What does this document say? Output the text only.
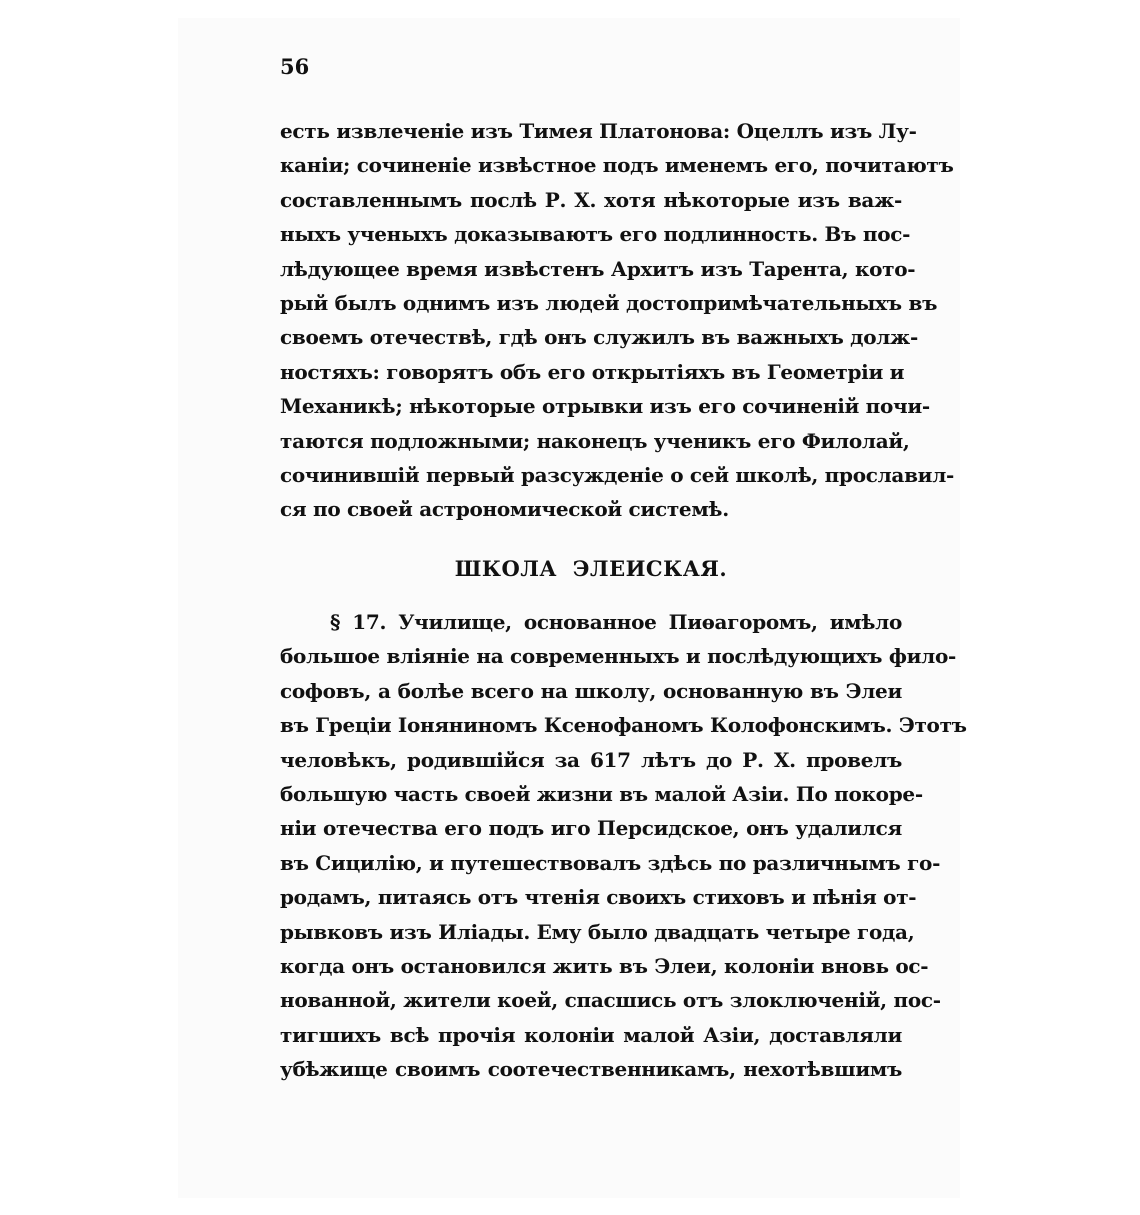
56
есть извлеченіе изъ Тимея Платонова: Оцеллъ изъ Лу-
каніи; сочиненіе извѣстное подъ именемъ его, почитаютъ
составленнымъ послѣ Р. Х. хотя нѣкоторые изъ важ-
ныхъ ученыхъ доказываютъ его подлинность. Въ пос-
лѣдующее время извѣстенъ Архитъ изъ Тарента, кото-
рый былъ однимъ изъ людей достопримѣчательныхъ въ
своемъ отечествѣ, гдѣ онъ служилъ въ важныхъ долж-
ностяхъ: говорятъ объ его открытіяхъ въ Геометріи и
Механикѣ; нѣкоторые отрывки изъ его сочиненій почи-
таются подложными; наконецъ ученикъ его Филолай,
сочинившій первый разсужденіе о сей школѣ, прославил-
ся по своей астрономической системѣ.
ШКОЛА ЭЛЕИСКАЯ.
§ 17. Училище, основанное Пиѳагоромъ, имѣло
большое вліяніе на современныхъ и послѣдующихъ фило-
софовъ, а болѣе всего на школу, основанную въ Элеи
въ Греціи Іоняниномъ Ксенофаномъ Колофонскимъ. Этотъ
человѣкъ, родившійся за 617 лѣтъ до Р. Х. провелъ
большую часть своей жизни въ малой Азіи. По покоре-
ніи отечества его подъ иго Персидское, онъ удалился
въ Сицилію, и путешествовалъ здѣсь по различнымъ го-
родамъ, питаясь отъ чтенія своихъ стиховъ и пѣнія от-
рывковъ изъ Иліады. Ему было двадцать четыре года,
когда онъ остановился жить въ Элеи, колоніи вновь ос-
нованной, жители коей, спасшись отъ злоключеній, пос-
тигшихъ всѣ прочія колоніи малой Азіи, доставляли
убѣжище своимъ соотечественникамъ, нехотѣвшимъ
